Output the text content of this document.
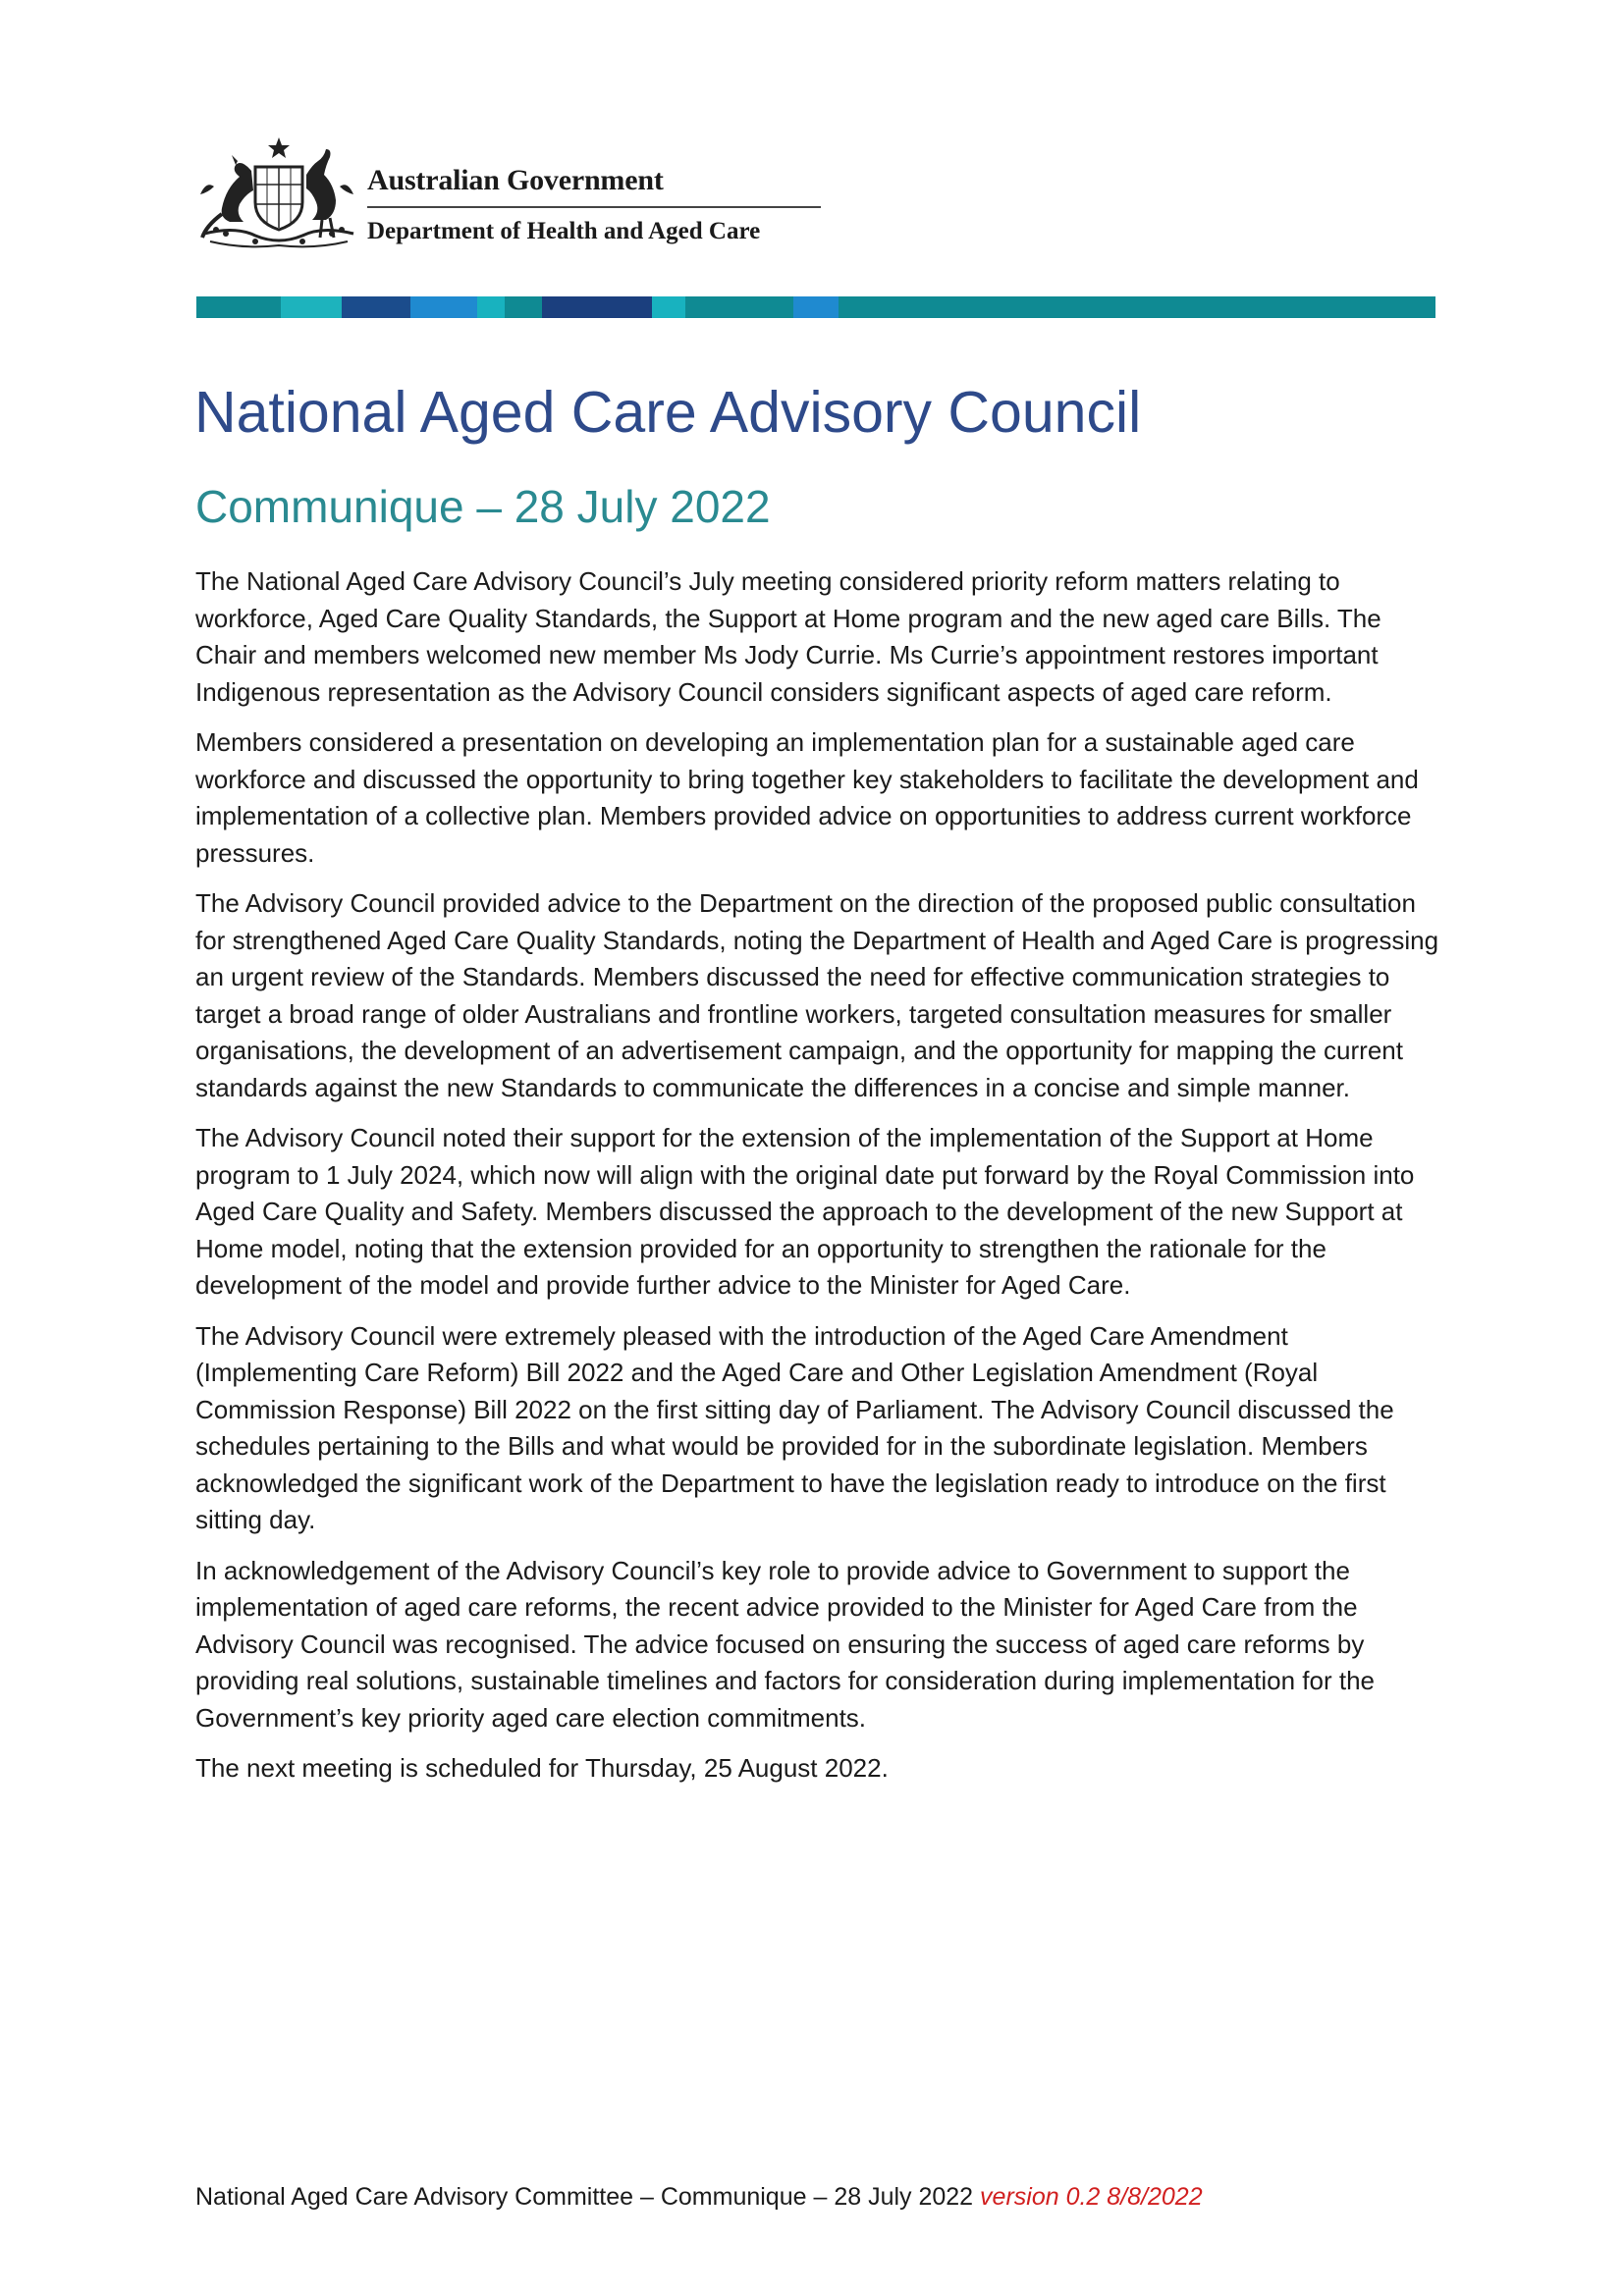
Australian Government
Department of Health and Aged Care
National Aged Care Advisory Council
Communique – 28 July 2022

The National Aged Care Advisory Council’s July meeting considered priority reform matters relating to workforce, Aged Care Quality Standards, the Support at Home program and the new aged care Bills. The Chair and members welcomed new member Ms Jody Currie. Ms Currie’s appointment restores important Indigenous representation as the Advisory Council considers significant aspects of aged care reform.

Members considered a presentation on developing an implementation plan for a sustainable aged care workforce and discussed the opportunity to bring together key stakeholders to facilitate the development and implementation of a collective plan. Members provided advice on opportunities to address current workforce pressures.

The Advisory Council provided advice to the Department on the direction of the proposed public consultation for strengthened Aged Care Quality Standards, noting the Department of Health and Aged Care is progressing an urgent review of the Standards. Members discussed the need for effective communication strategies to target a broad range of older Australians and frontline workers, targeted consultation measures for smaller organisations, the development of an advertisement campaign, and the opportunity for mapping the current standards against the new Standards to communicate the differences in a concise and simple manner.

The Advisory Council noted their support for the extension of the implementation of the Support at Home program to 1 July 2024, which now will align with the original date put forward by the Royal Commission into Aged Care Quality and Safety. Members discussed the approach to the development of the new Support at Home model, noting that the extension provided for an opportunity to strengthen the rationale for the development of the model and provide further advice to the Minister for Aged Care.

The Advisory Council were extremely pleased with the introduction of the Aged Care Amendment (Implementing Care Reform) Bill 2022 and the Aged Care and Other Legislation Amendment (Royal Commission Response) Bill 2022 on the first sitting day of Parliament. The Advisory Council discussed the schedules pertaining to the Bills and what would be provided for in the subordinate legislation. Members acknowledged the significant work of the Department to have the legislation ready to introduce on the first sitting day.

In acknowledgement of the Advisory Council’s key role to provide advice to Government to support the implementation of aged care reforms, the recent advice provided to the Minister for Aged Care from the Advisory Council was recognised. The advice focused on ensuring the success of aged care reforms by providing real solutions, sustainable timelines and factors for consideration during implementation for the Government’s key priority aged care election commitments.

The next meeting is scheduled for Thursday, 25 August 2022.

National Aged Care Advisory Committee – Communique – 28 July 2022 version 0.2 8/8/2022
